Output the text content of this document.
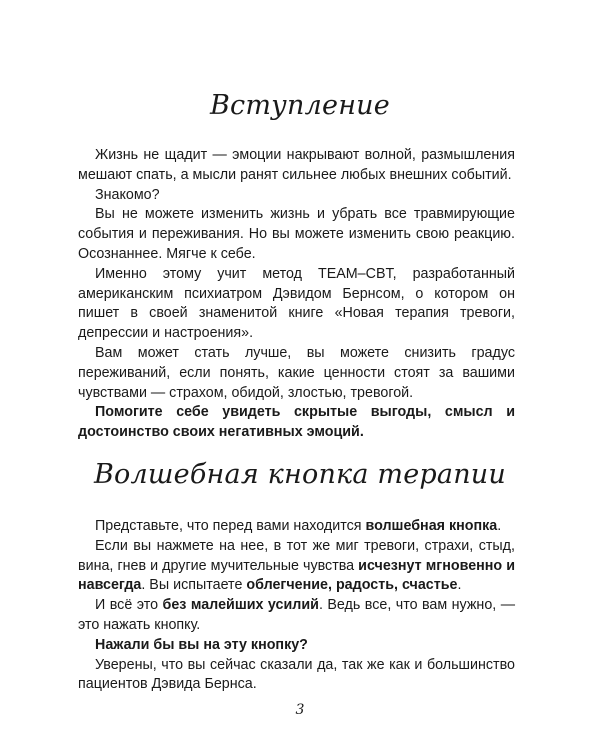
Вступление

Жизнь не щадит — эмоции накрывают волной, размышления мешают спать, а мысли ранят сильнее любых внешних событий.

Знакомо?

Вы не можете изменить жизнь и убрать все травмирующие события и переживания. Но вы можете изменить свою реакцию. Осознаннее. Мягче к себе.

Именно этому учит метод TEAM–CBT, разработанный американским психиатром Дэвидом Бернсом, о котором он пишет в своей знаменитой книге «Новая терапия тревоги, депрессии и настроения».

Вам может стать лучше, вы можете снизить градус переживаний, если понять, какие ценности стоят за вашими чувствами — страхом, обидой, злостью, тревогой.

Помогите себе увидеть скрытые выгоды, смысл и достоинство своих негативных эмоций.

Волшебная кнопка терапии

Представьте, что перед вами находится волшебная кнопка.

Если вы нажмете на нее, в тот же миг тревоги, страхи, стыд, вина, гнев и другие мучительные чувства исчезнут мгновенно и навсегда. Вы испытаете облегчение, радость, счастье.

И всё это без малейших усилий. Ведь все, что вам нужно, — это нажать кнопку.

Нажали бы вы на эту кнопку?

Уверены, что вы сейчас сказали да, так же как и большинство пациентов Дэвида Бернса.

3
